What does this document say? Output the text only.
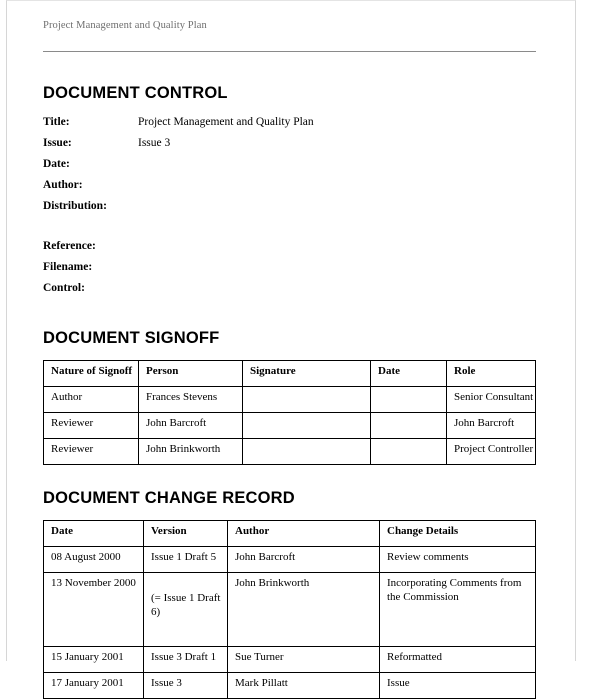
Project Management and Quality Plan
DOCUMENT CONTROL
Title:	Project Management and Quality Plan
Issue:	Issue 3
Date:
Author:
Distribution:
Reference:
Filename:
Control:
DOCUMENT SIGNOFF
Nature of Signoff	Person	Signature	Date	Role
Author	Frances Stevens			Senior Consultant
Reviewer	John Barcroft			John Barcroft
Reviewer	John Brinkworth			Project Controller
DOCUMENT CHANGE RECORD
Date	Version	Author	Change Details
08 August 2000	Issue 1 Draft 5	John Barcroft	Review comments
13 November 2000	(= Issue 1 Draft 6)	John Brinkworth	Incorporating Comments from the Commission
15 January 2001	Issue 3 Draft 1	Sue Turner	Reformatted
17 January 2001	Issue 3	Mark Pillatt	Issue
